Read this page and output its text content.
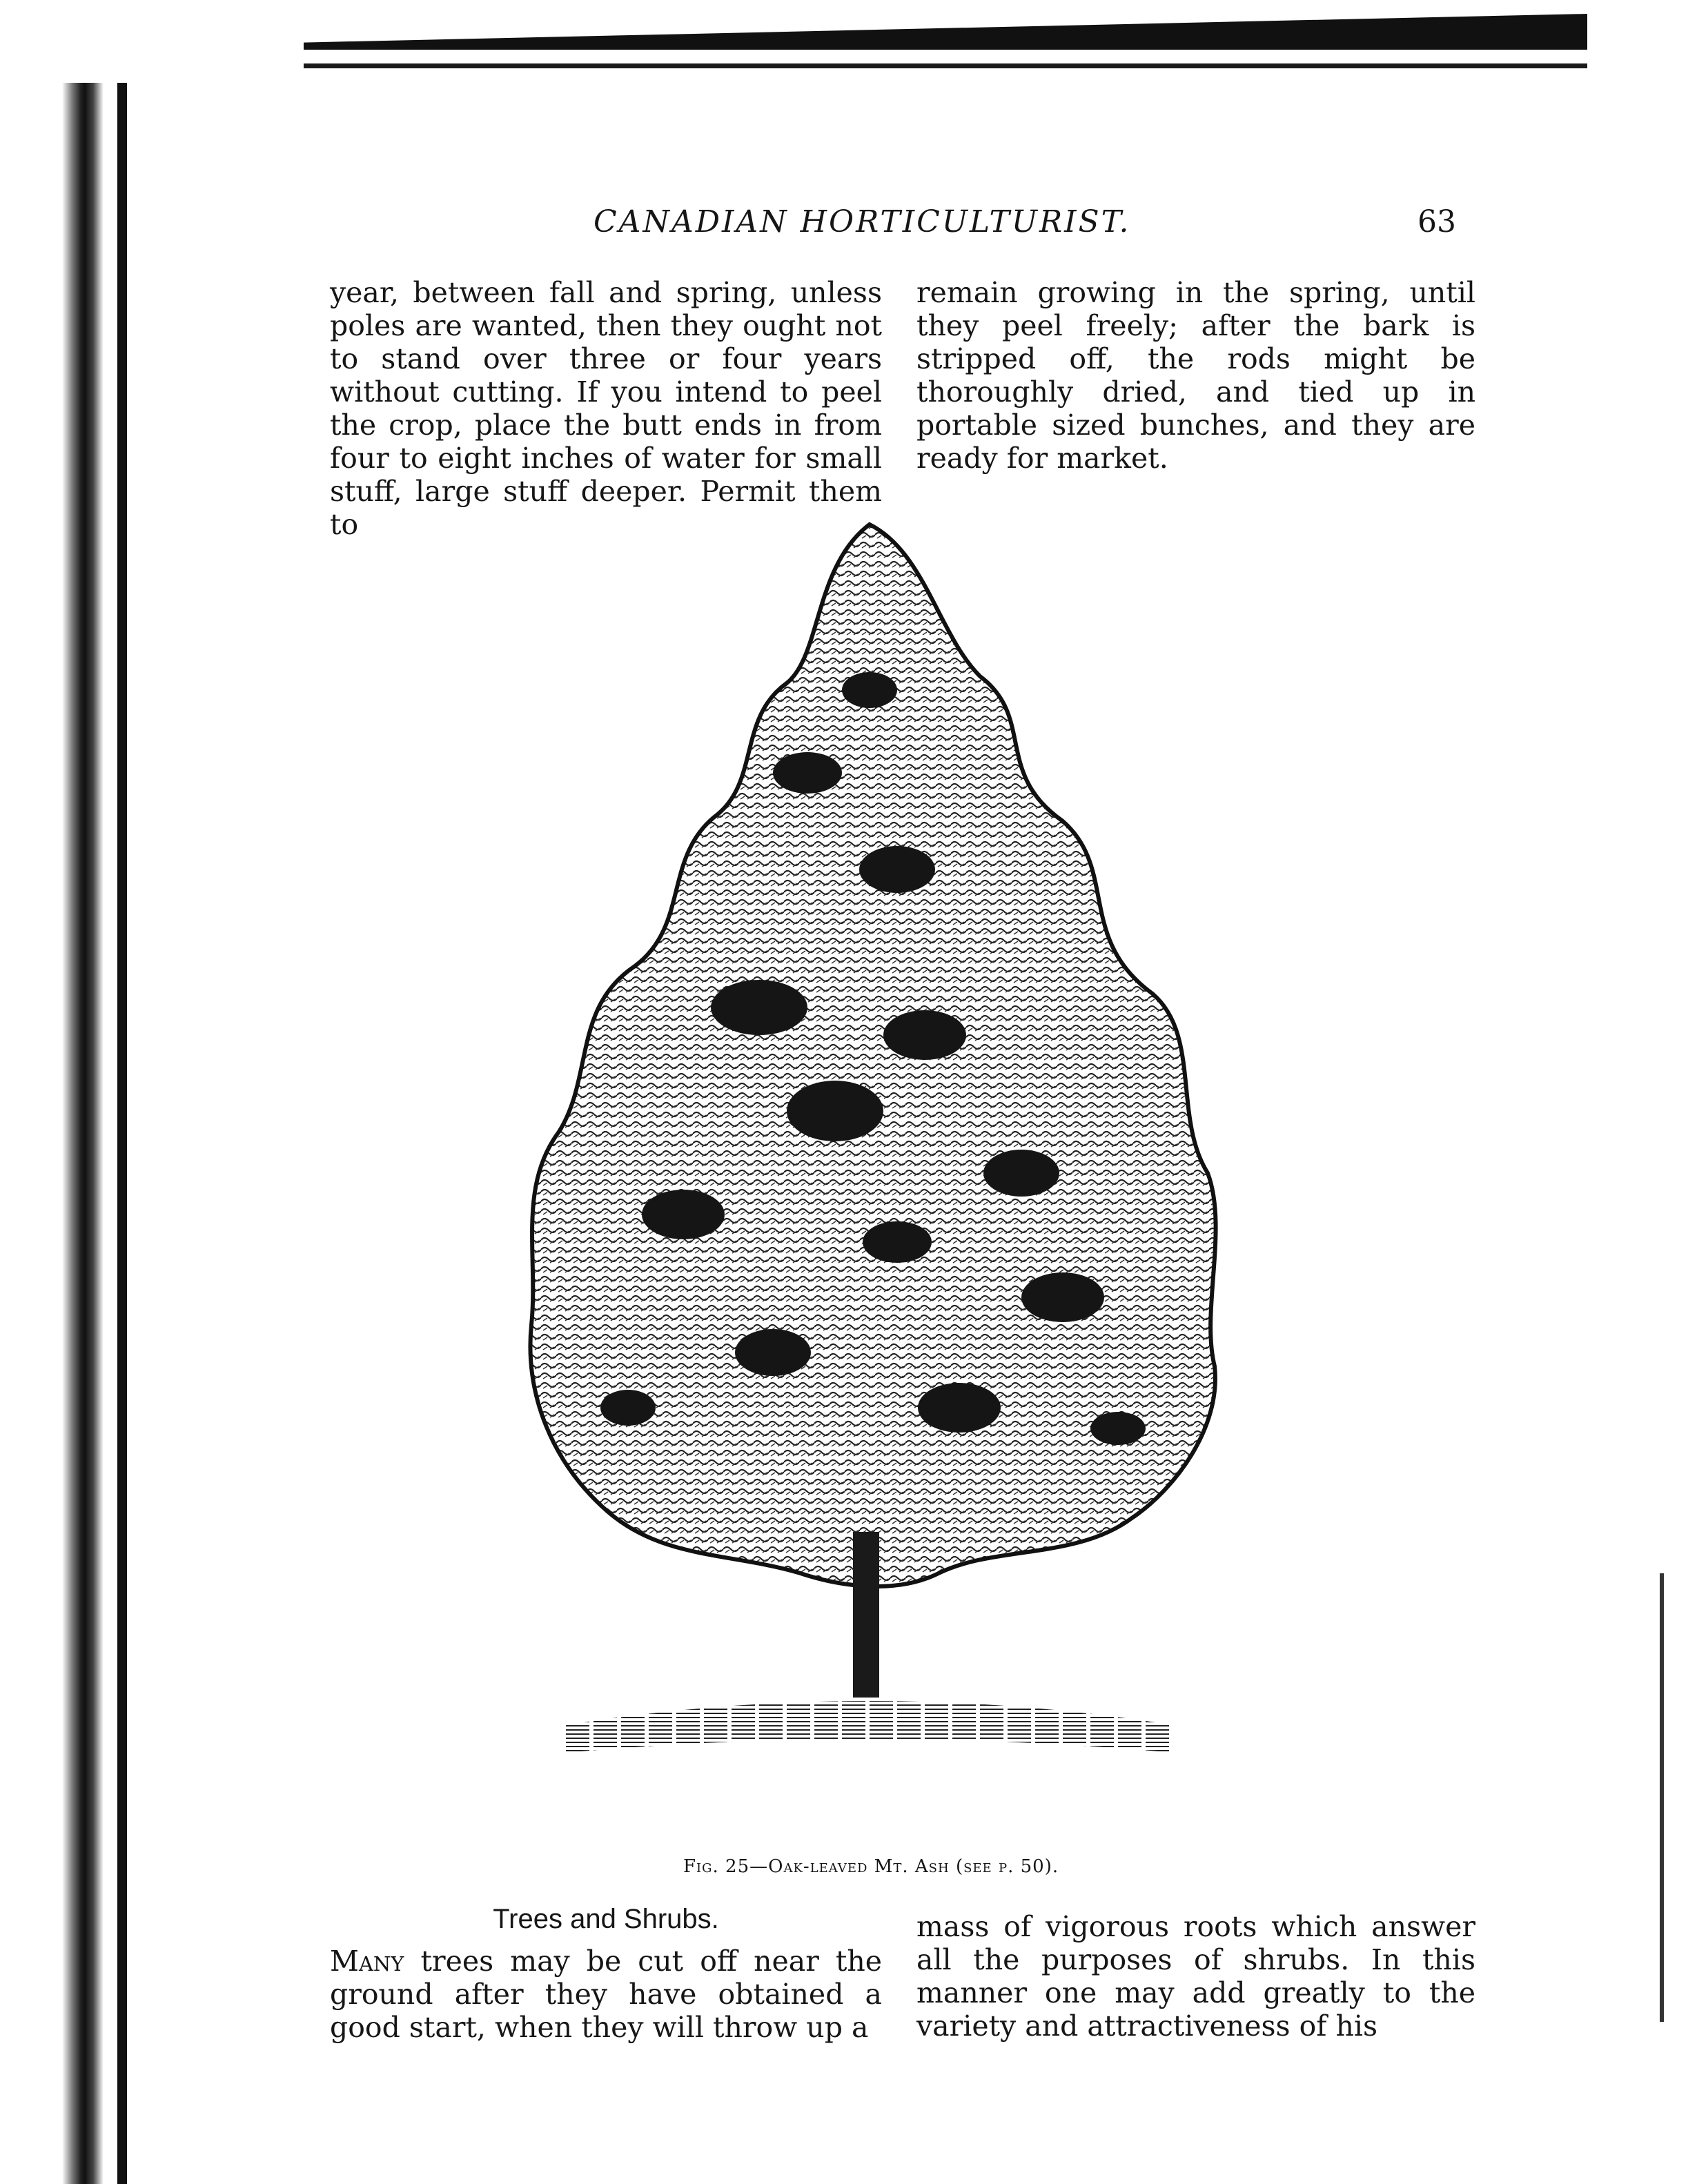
CANADIAN HORTICULTURIST.	63

year, between fall and spring, unless poles are wanted, then they ought not to stand over three or four years without cutting. If you intend to peel the crop, place the butt ends in from four to eight inches of water for small stuff, large stuff deeper. Permit them to

remain growing in the spring, until they peel freely; after the bark is stripped off, the rods might be thoroughly dried, and tied up in portable sized bunches, and they are ready for market.

Fig. 25—Oak-leaved Mt. Ash (see p. 50).
Trees and Shrubs.

Many trees may be cut off near the ground after they have obtained a good start, when they will throw up a

mass of vigorous roots which answer all the purposes of shrubs. In this manner one may add greatly to the variety and attractiveness of his
